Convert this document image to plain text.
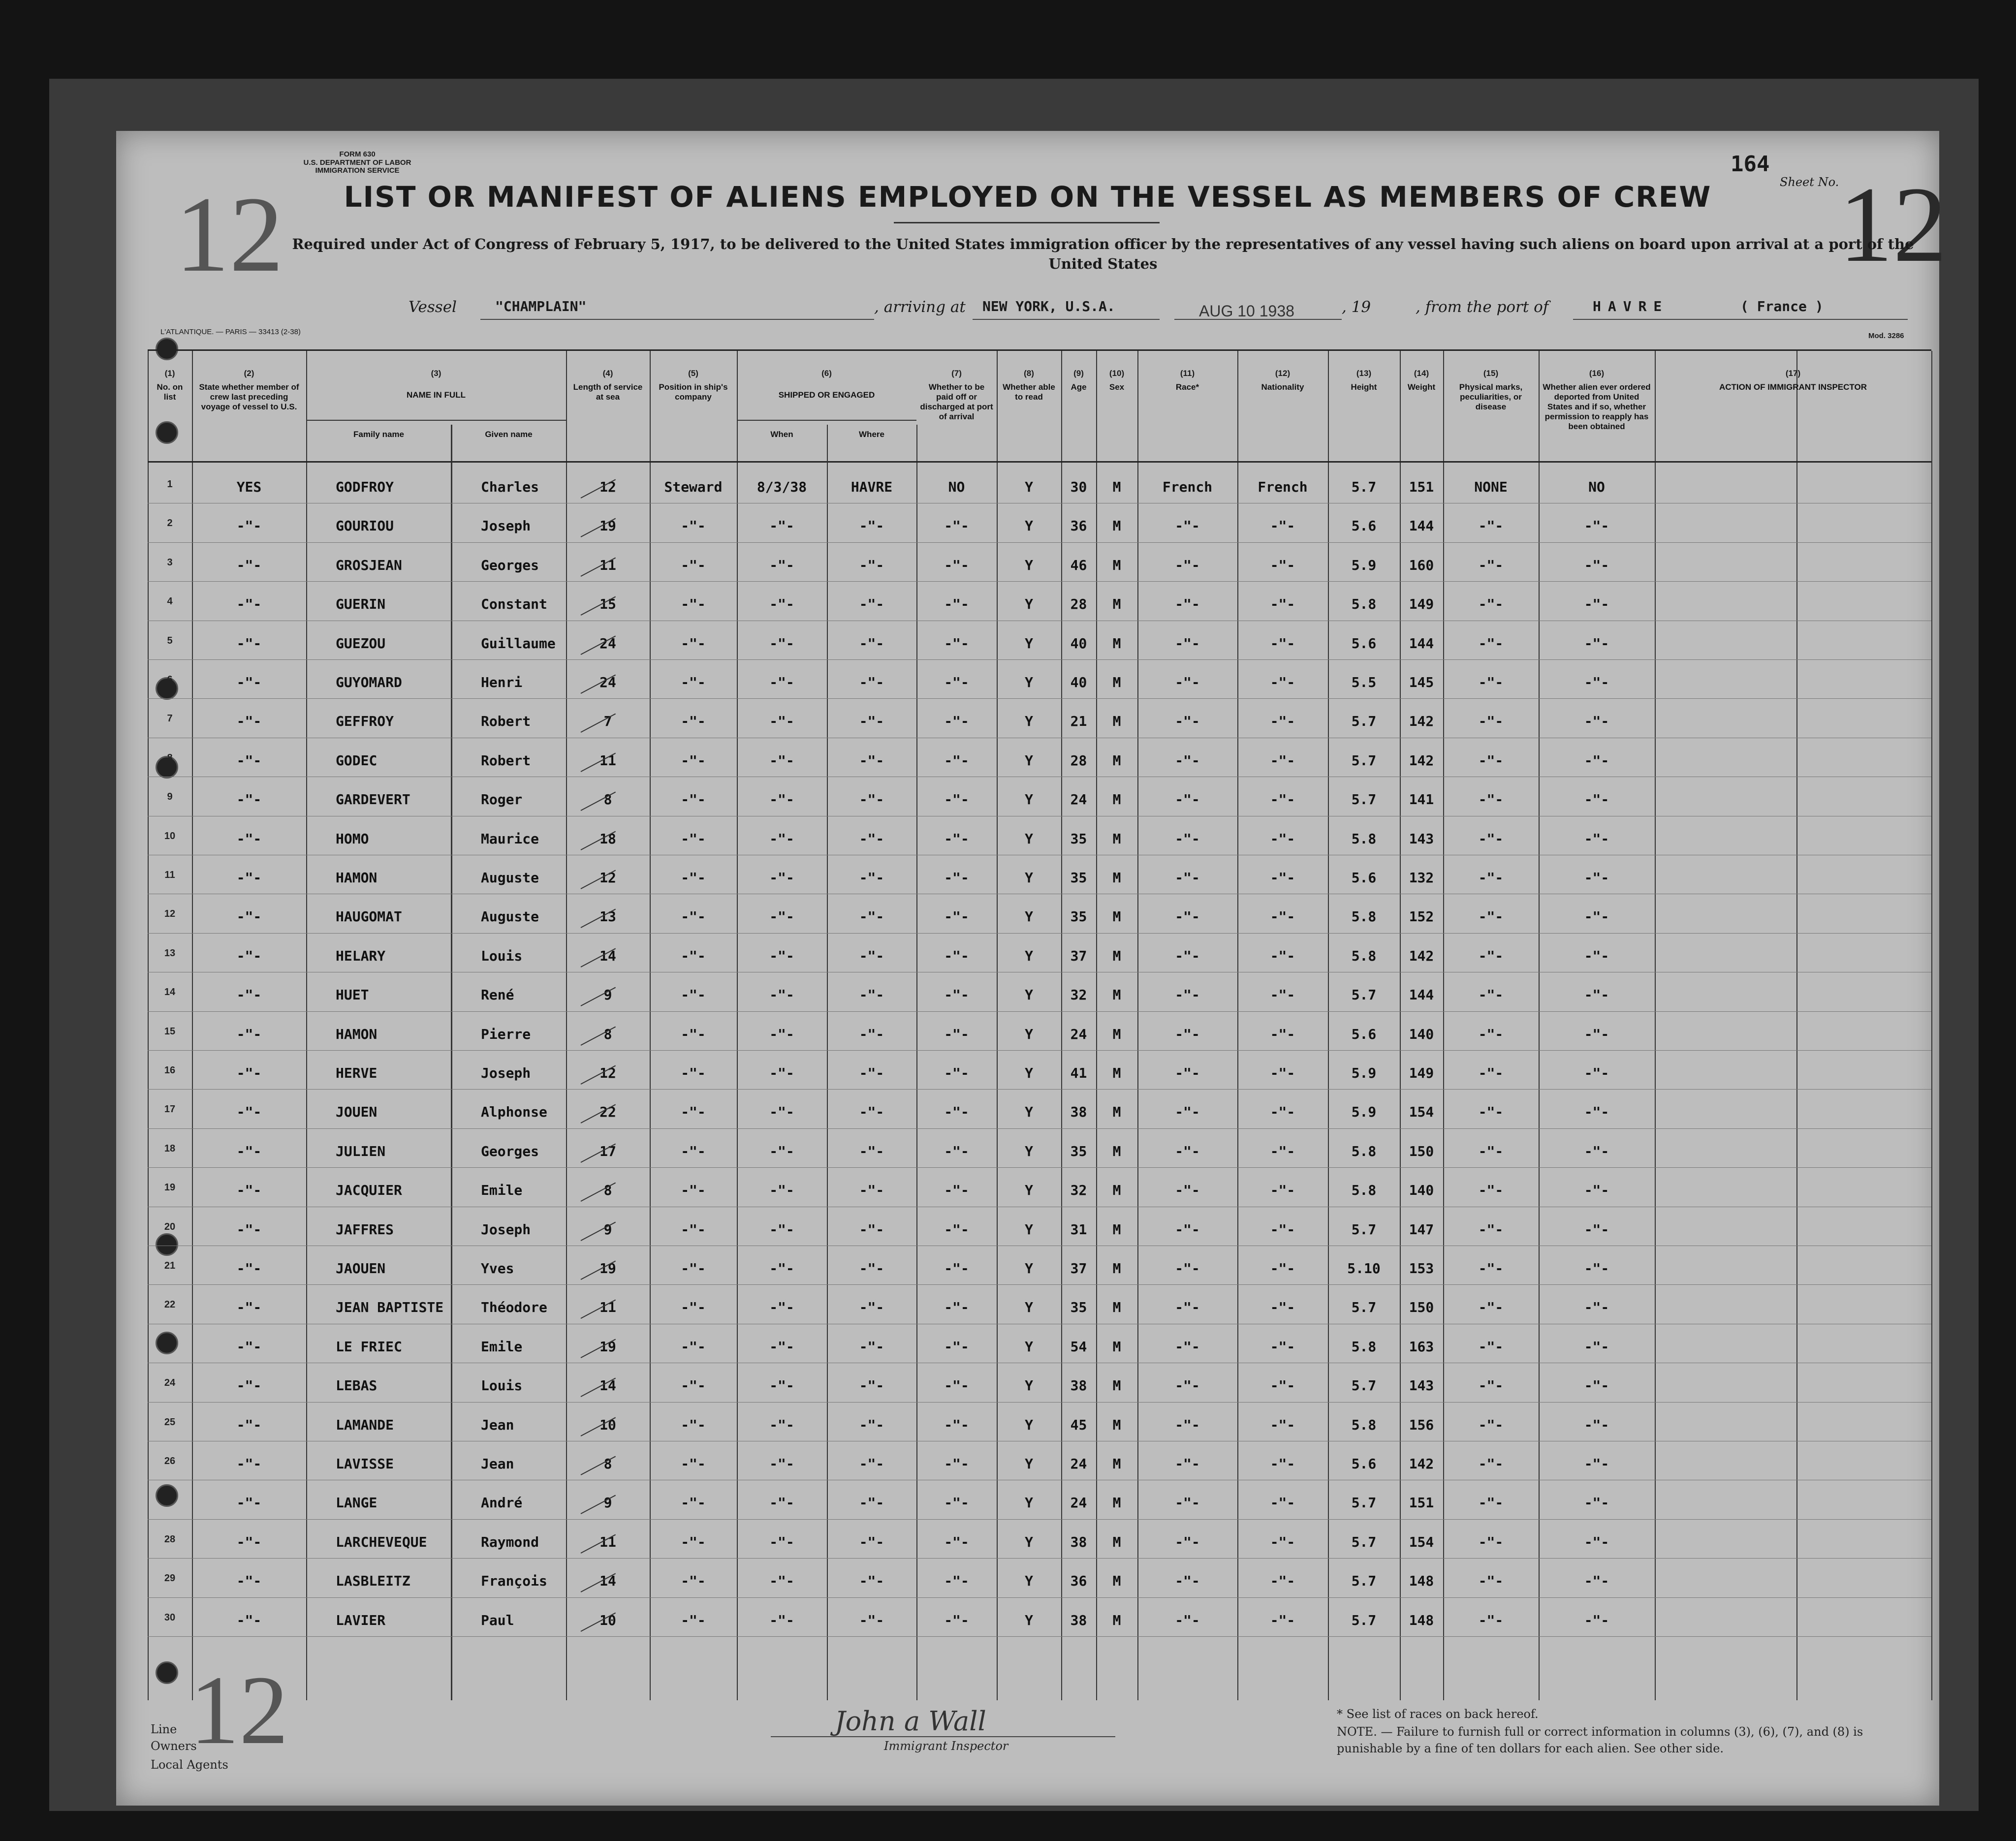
FORM 630
U.S. DEPARTMENT OF LABOR
IMMIGRATION SERVICE
12	12
164
Sheet No.
LIST OR MANIFEST OF ALIENS EMPLOYED ON THE VESSEL AS MEMBERS OF CREW
Required under Act of Congress of February 5, 1917, to be delivered to the United States immigration officer by the representatives of any vessel having such aliens on board upon arrival at a port of the United States
Vessel	"CHAMPLAIN"	, arriving at NEW YORK, U.S.A.	AUG 10 1938	, 19	, from the port of	HAVRE	( France )
L'ATLANTIQUE. — PARIS — 33413 (2-38)	Mod. 3286
(1)
No. on list
(2)
State whether member of crew last preceding voyage of vessel to U.S.
(3)
NAME IN FULL
(4)
Length of service at sea
(5)
Position in ship's company
(6)
SHIPPED OR ENGAGED
(7)
Whether to be paid off or discharged at port of arrival
(8)
Whether able to read
(9)
Age
(10)
Sex
(11)
Race*
(12)
Nationality
(13)
Height
(14)
Weight
(15)
Physical marks, peculiarities, or disease
(16)
Whether alien ever ordered deported from United States and if so, whether permission to reapply has been obtained
(17)
ACTION OF IMMIGRANT INSPECTOR
Family name	Given name	When	Where
1	YES	GODFROY	Charles	12	Steward	8/3/38	HAVRE	NO	Y	30	M	French	French	5.7	151	NONE	NO
2	-"-	GOURIOU	Joseph	19	-"-	-"-	-"-	-"-	Y	36	M	-"-	-"-	5.6	144	-"-	-"-
3	-"-	GROSJEAN	Georges	11	-"-	-"-	-"-	-"-	Y	46	M	-"-	-"-	5.9	160	-"-	-"-
4	-"-	GUERIN	Constant	15	-"-	-"-	-"-	-"-	Y	28	M	-"-	-"-	5.8	149	-"-	-"-
5	-"-	GUEZOU	Guillaume	24	-"-	-"-	-"-	-"-	Y	40	M	-"-	-"-	5.6	144	-"-	-"-
6	-"-	GUYOMARD	Henri	24	-"-	-"-	-"-	-"-	Y	40	M	-"-	-"-	5.5	145	-"-	-"-
7	-"-	GEFFROY	Robert	7	-"-	-"-	-"-	-"-	Y	21	M	-"-	-"-	5.7	142	-"-	-"-
8	-"-	GODEC	Robert	11	-"-	-"-	-"-	-"-	Y	28	M	-"-	-"-	5.7	142	-"-	-"-
9	-"-	GARDEVERT	Roger	8	-"-	-"-	-"-	-"-	Y	24	M	-"-	-"-	5.7	141	-"-	-"-
10	-"-	HOMO	Maurice	18	-"-	-"-	-"-	-"-	Y	35	M	-"-	-"-	5.8	143	-"-	-"-
11	-"-	HAMON	Auguste	12	-"-	-"-	-"-	-"-	Y	35	M	-"-	-"-	5.6	132	-"-	-"-
12	-"-	HAUGOMAT	Auguste	13	-"-	-"-	-"-	-"-	Y	35	M	-"-	-"-	5.8	152	-"-	-"-
13	-"-	HELARY	Louis	14	-"-	-"-	-"-	-"-	Y	37	M	-"-	-"-	5.8	142	-"-	-"-
14	-"-	HUET	René	9	-"-	-"-	-"-	-"-	Y	32	M	-"-	-"-	5.7	144	-"-	-"-
15	-"-	HAMON	Pierre	8	-"-	-"-	-"-	-"-	Y	24	M	-"-	-"-	5.6	140	-"-	-"-
16	-"-	HERVE	Joseph	12	-"-	-"-	-"-	-"-	Y	41	M	-"-	-"-	5.9	149	-"-	-"-
17	-"-	JOUEN	Alphonse	22	-"-	-"-	-"-	-"-	Y	38	M	-"-	-"-	5.9	154	-"-	-"-
18	-"-	JULIEN	Georges	17	-"-	-"-	-"-	-"-	Y	35	M	-"-	-"-	5.8	150	-"-	-"-
19	-"-	JACQUIER	Emile	8	-"-	-"-	-"-	-"-	Y	32	M	-"-	-"-	5.8	140	-"-	-"-
20	-"-	JAFFRES	Joseph	9	-"-	-"-	-"-	-"-	Y	31	M	-"-	-"-	5.7	147	-"-	-"-
21	-"-	JAOUEN	Yves	19	-"-	-"-	-"-	-"-	Y	37	M	-"-	-"-	5.10	153	-"-	-"-
22	-"-	JEAN BAPTISTE	Théodore	11	-"-	-"-	-"-	-"-	Y	35	M	-"-	-"-	5.7	150	-"-	-"-
23	-"-	LE FRIEC	Emile	19	-"-	-"-	-"-	-"-	Y	54	M	-"-	-"-	5.8	163	-"-	-"-
24	-"-	LEBAS	Louis	14	-"-	-"-	-"-	-"-	Y	38	M	-"-	-"-	5.7	143	-"-	-"-
25	-"-	LAMANDE	Jean	10	-"-	-"-	-"-	-"-	Y	45	M	-"-	-"-	5.8	156	-"-	-"-
26	-"-	LAVISSE	Jean	8	-"-	-"-	-"-	-"-	Y	24	M	-"-	-"-	5.6	142	-"-	-"-
27	-"-	LANGE	André	9	-"-	-"-	-"-	-"-	Y	24	M	-"-	-"-	5.7	151	-"-	-"-
28	-"-	LARCHEVEQUE	Raymond	11	-"-	-"-	-"-	-"-	Y	38	M	-"-	-"-	5.7	154	-"-	-"-
29	-"-	LASBLEITZ	François	14	-"-	-"-	-"-	-"-	Y	36	M	-"-	-"-	5.7	148	-"-	-"-
30	-"-	LAVIER	Paul	10	-"-	-"-	-"-	-"-	Y	38	M	-"-	-"-	5.7	148	-"-	-"-
12
Line
Owners
Local Agents
John a Wall
Immigrant Inspector
* See list of races on back hereof.
NOTE. — Failure to furnish full or correct information in columns (3), (6), (7), and (8) is punishable by a fine of ten dollars for each alien. See other side.
